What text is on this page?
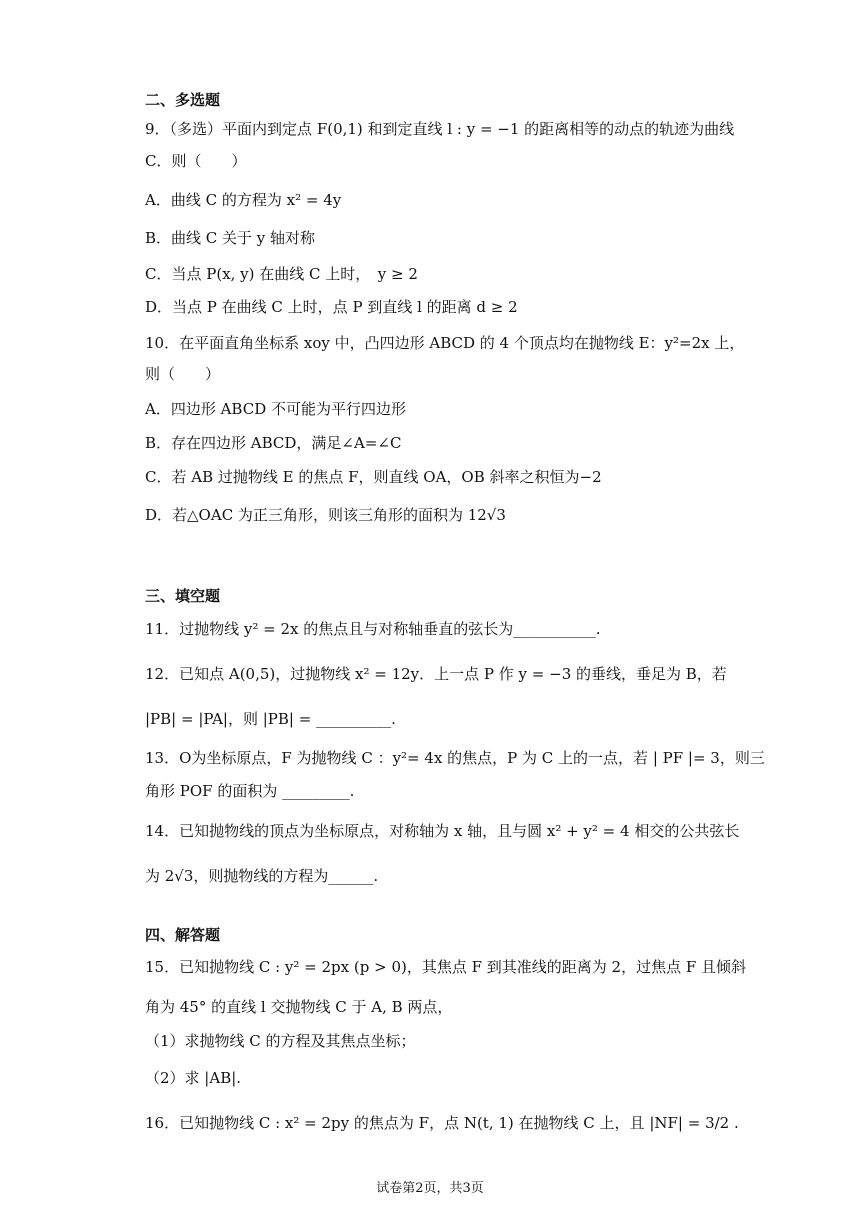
二、多选题
9．（多选）平面内到定点 F(0,1) 和到定直线 l : y = −1 的距离相等的动点的轨迹为曲线
C．则（　　）
A．曲线 C 的方程为 x² = 4y
B．曲线 C 关于 y 轴对称
C．当点 P(x, y) 在曲线 C 上时，　y ≥ 2
D．当点 P 在曲线 C 上时，点 P 到直线 l 的距离 d ≥ 2
10．在平面直角坐标系 xoy 中，凸四边形 ABCD 的 4 个顶点均在抛物线 E：y²=2x 上，
则（　　）
A．四边形 ABCD 不可能为平行四边形
B．存在四边形 ABCD，满足∠A=∠C
C．若 AB 过抛物线 E 的焦点 F，则直线 OA，OB 斜率之积恒为−2
D．若△OAC 为正三角形，则该三角形的面积为 12√3
三、填空题
11．过抛物线 y² = 2x 的焦点且与对称轴垂直的弦长为___________.
12．已知点 A(0,5)，过抛物线 x² = 12y．上一点 P 作 y = −3 的垂线，垂足为 B，若
|PB| = |PA|，则 |PB| = __________.
13．O为坐标原点，F 为抛物线 C ：y²= 4x 的焦点，P 为 C 上的一点，若 | PF |= 3，则三
角形 POF 的面积为 _________.
14．已知抛物线的顶点为坐标原点，对称轴为 x 轴，且与圆 x² + y² = 4 相交的公共弦长
为 2√3，则抛物线的方程为______.
四、解答题
15．已知抛物线 C : y² = 2px (p > 0)，其焦点 F 到其准线的距离为 2，过焦点 F 且倾斜
角为 45° 的直线 l 交抛物线 C 于 A, B 两点，
（1）求抛物线 C 的方程及其焦点坐标；
（2）求 |AB|.
16．已知抛物线 C : x² = 2py 的焦点为 F，点 N(t, 1) 在抛物线 C 上，且 |NF| = 3/2 .
试卷第2页，共3页
